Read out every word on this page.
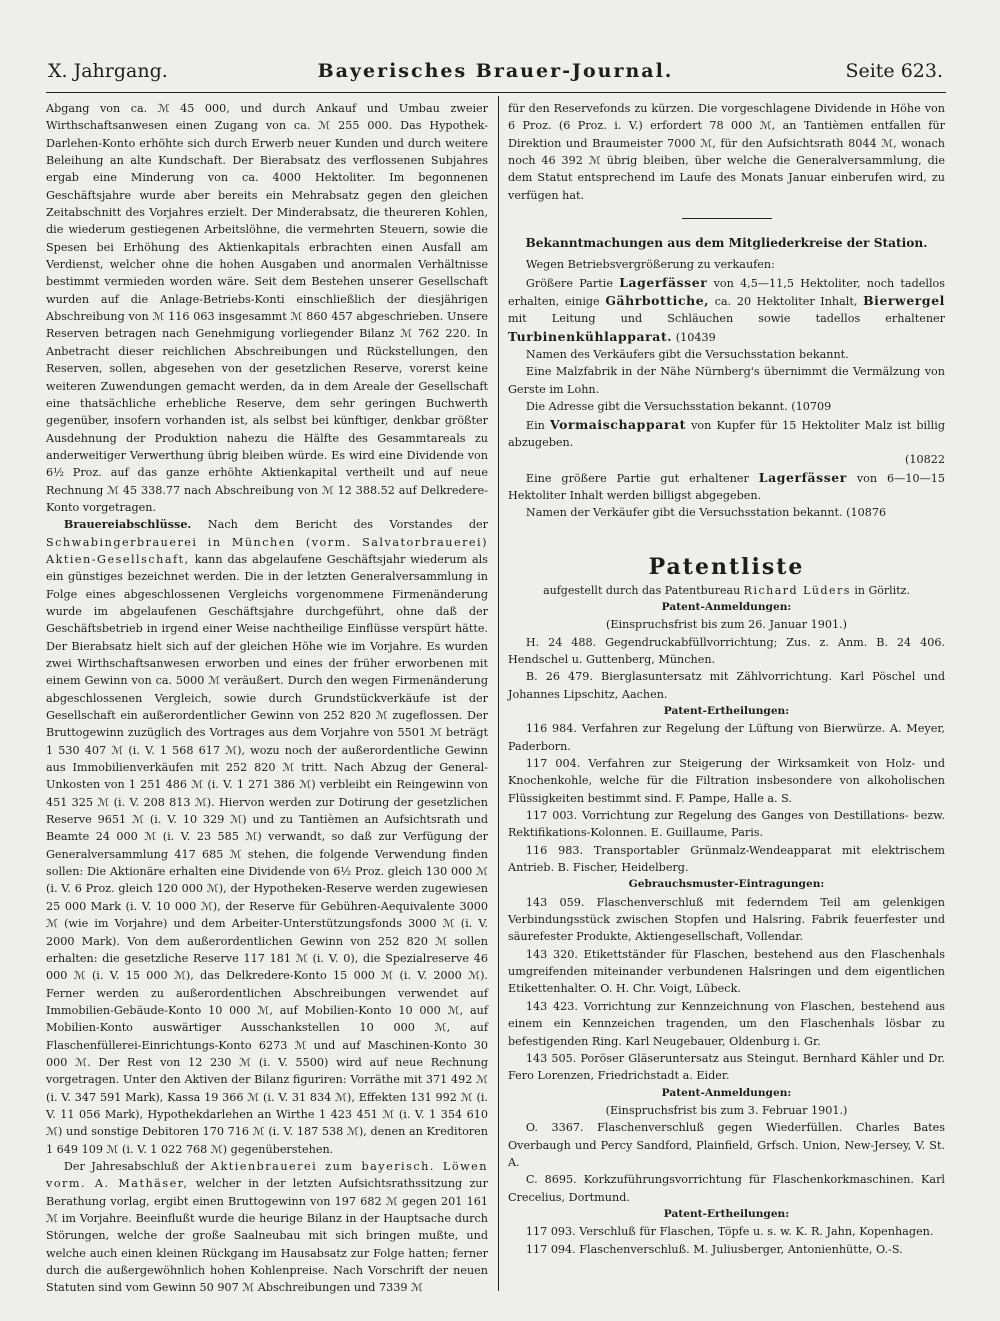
Bayerisches Brauer-Journal.
X. Jahrgang.	Seite 623.

Abgang von ca. ℳ 45 000, und durch Ankauf und Umbau zweier Wirthschaftsanwesen einen Zugang von ca. ℳ 255 000. Das Hypothek-Darlehen-Konto erhöhte sich durch Erwerb neuer Kunden und durch weitere Beleihung an alte Kundschaft. Der Bierabsatz des verflossenen Subjahres ergab eine Minderung von ca. 4000 Hektoliter. Im begonnenen Geschäftsjahre wurde aber bereits ein Mehrabsatz gegen den gleichen Zeitabschnitt des Vorjahres erzielt. Der Minderabsatz, die theureren Kohlen, die wiederum gestiegenen Arbeitslöhne, die vermehrten Steuern, sowie die Spesen bei Erhöhung des Aktienkapitals erbrachten einen Ausfall am Verdienst, welcher ohne die hohen Ausgaben und anormalen Verhältnisse bestimmt vermieden worden wäre. Seit dem Bestehen unserer Gesellschaft wurden auf die Anlage-Betriebs-Konti einschließlich der diesjährigen Abschreibung von ℳ 116 063 insgesammt ℳ 860 457 abgeschrieben. Unsere Reserven betragen nach Genehmigung vorliegender Bilanz ℳ 762 220. In Anbetracht dieser reichlichen Abschreibungen und Rückstellungen, den Reserven, sollen, abgesehen von der gesetzlichen Reserve, vorerst keine weiteren Zuwendungen gemacht werden, da in dem Areale der Gesellschaft eine thatsächliche erhebliche Reserve, dem sehr geringen Buchwerth gegenüber, insofern vorhanden ist, als selbst bei künftiger, denkbar größter Ausdehnung der Produktion nahezu die Hälfte des Gesammtareals zu anderweitiger Verwerthung übrig bleiben würde. Es wird eine Dividende von 6½ Proz. auf das ganze erhöhte Aktienkapital vertheilt und auf neue Rechnung ℳ 45 338.77 nach Abschreibung von ℳ 12 388.52 auf Delkredere-Konto vorgetragen.

Brauereiabschlüsse. Nach dem Bericht des Vorstandes der Schwabingerbrauerei in München (vorm. Salvatorbrauerei) Aktien-Gesellschaft, kann das abgelaufene Geschäftsjahr wiederum als ein günstiges bezeichnet werden. Die in der letzten Generalversammlung in Folge eines abgeschlossenen Vergleichs vorgenommene Firmenänderung wurde im abgelaufenen Geschäftsjahre durchgeführt, ohne daß der Geschäftsbetrieb in irgend einer Weise nachtheilige Einflüsse verspürt hätte. Der Bierabsatz hielt sich auf der gleichen Höhe wie im Vorjahre. Es wurden zwei Wirthschaftsanwesen erworben und eines der früher erworbenen mit einem Gewinn von ca. 5000 ℳ veräußert. Durch den wegen Firmenänderung abgeschlossenen Vergleich, sowie durch Grundstückverkäufe ist der Gesellschaft ein außerordentlicher Gewinn von 252 820 ℳ zugeflossen. Der Bruttogewinn zuzüglich des Vortrages aus dem Vorjahre von 5501 ℳ beträgt 1 530 407 ℳ (i. V. 1 568 617 ℳ), wozu noch der außerordentliche Gewinn aus Immobilienverkäufen mit 252 820 ℳ tritt. Nach Abzug der General-Unkosten von 1 251 486 ℳ (i. V. 1 271 386 ℳ) verbleibt ein Reingewinn von 451 325 ℳ (i. V. 208 813 ℳ). Hiervon werden zur Dotirung der gesetzlichen Reserve 9651 ℳ (i. V. 10 329 ℳ) und zu Tantièmen an Aufsichtsrath und Beamte 24 000 ℳ (i. V. 23 585 ℳ) verwandt, so daß zur Verfügung der Generalversammlung 417 685 ℳ stehen, die folgende Verwendung finden sollen: Die Aktionäre erhalten eine Dividende von 6½ Proz. gleich 130 000 ℳ (i. V. 6 Proz. gleich 120 000 ℳ), der Hypotheken-Reserve werden zugewiesen 25 000 Mark (i. V. 10 000 ℳ), der Reserve für Gebühren-Aequivalente 3000 ℳ (wie im Vorjahre) und dem Arbeiter-Unterstützungsfonds 3000 ℳ (i. V. 2000 Mark). Von dem außerordentlichen Gewinn von 252 820 ℳ sollen erhalten: die gesetzliche Reserve 117 181 ℳ (i. V. 0), die Spezialreserve 46 000 ℳ (i. V. 15 000 ℳ), das Delkredere-Konto 15 000 ℳ (i. V. 2000 ℳ). Ferner werden zu außerordentlichen Abschreibungen verwendet auf Immobilien-Gebäude-Konto 10 000 ℳ, auf Mobilien-Konto 10 000 ℳ, auf Mobilien-Konto auswärtiger Ausschankstellen 10 000 ℳ, auf Flaschenfüllerei-Einrichtungs-Konto 6273 ℳ und auf Maschinen-Konto 30 000 ℳ. Der Rest von 12 230 ℳ (i. V. 5500) wird auf neue Rechnung vorgetragen. Unter den Aktiven der Bilanz figuriren: Vorräthe mit 371 492 ℳ (i. V. 347 591 Mark), Kassa 19 366 ℳ (i. V. 31 834 ℳ), Effekten 131 992 ℳ (i. V. 11 056 Mark), Hypothekdarlehen an Wirthe 1 423 451 ℳ (i. V. 1 354 610 ℳ) und sonstige Debitoren 170 716 ℳ (i. V. 187 538 ℳ), denen an Kreditoren 1 649 109 ℳ (i. V. 1 022 768 ℳ) gegenüberstehen.

Der Jahresabschluß der Aktienbrauerei zum bayerisch. Löwen vorm. A. Mathäser, welcher in der letzten Aufsichtsrathssitzung zur Berathung vorlag, ergibt einen Bruttogewinn von 197 682 ℳ gegen 201 161 ℳ im Vorjahre. Beeinflußt wurde die heurige Bilanz in der Hauptsache durch Störungen, welche der große Saalneubau mit sich bringen mußte, und welche auch einen kleinen Rückgang im Hausabsatz zur Folge hatten; ferner durch die außergewöhnlich hohen Kohlenpreise. Nach Vorschrift der neuen Statuten sind vom Gewinn 50 907 ℳ Abschreibungen und 7339 ℳ

für den Reservefonds zu kürzen. Die vorgeschlagene Dividende in Höhe von 6 Proz. (6 Proz. i. V.) erfordert 78 000 ℳ, an Tantièmen entfallen für Direktion und Braumeister 7000 ℳ, für den Aufsichtsrath 8044 ℳ, wonach noch 46 392 ℳ übrig bleiben, über welche die Generalversammlung, die dem Statut entsprechend im Laufe des Monats Januar einberufen wird, zu verfügen hat.

Bekanntmachungen aus dem Mitgliederkreise der Station.

Wegen Betriebsvergrößerung zu verkaufen:

Größere Partie Lagerfässer von 4,5—11,5 Hektoliter, noch tadellos erhalten, einige Gährbottiche, ca. 20 Hektoliter Inhalt, Bierwergel mit Leitung und Schläuchen sowie tadellos erhaltener Turbinenkühlapparat. (10439

Namen des Verkäufers gibt die Versuchsstation bekannt.

Eine Malzfabrik in der Nähe Nürnberg's übernimmt die Vermälzung von Gerste im Lohn.

Die Adresse gibt die Versuchsstation bekannt. (10709

Ein Vormaischapparat von Kupfer für 15 Hektoliter Malz ist billig abzugeben.

(10822

Eine größere Partie gut erhaltener Lagerfässer von 6—10—15 Hektoliter Inhalt werden billigst abgegeben.

Namen der Verkäufer gibt die Versuchsstation bekannt. (10876

Patentliste

aufgestellt durch das Patentbureau Richard Lüders in Görlitz.

Patent-Anmeldungen:

(Einspruchsfrist bis zum 26. Januar 1901.)

H. 24 488. Gegendruckabfüllvorrichtung; Zus. z. Anm. B. 24 406. Hendschel u. Guttenberg, München.

B. 26 479. Bierglasuntersatz mit Zählvorrichtung. Karl Pöschel und Johannes Lipschitz, Aachen.

Patent-Ertheilungen:

116 984. Verfahren zur Regelung der Lüftung von Bierwürze. A. Meyer, Paderborn.

117 004. Verfahren zur Steigerung der Wirksamkeit von Holz- und Knochenkohle, welche für die Filtration insbesondere von alkoholischen Flüssigkeiten bestimmt sind. F. Pampe, Halle a. S.

117 003. Vorrichtung zur Regelung des Ganges von Destillations- bezw. Rektifikations-Kolonnen. E. Guillaume, Paris.

116 983. Transportabler Grünmalz-Wendeapparat mit elektrischem Antrieb. B. Fischer, Heidelberg.

Gebrauchsmuster-Eintragungen:

143 059. Flaschenverschluß mit federndem Teil am gelenkigen Verbindungsstück zwischen Stopfen und Halsring. Fabrik feuerfester und säurefester Produkte, Aktiengesellschaft, Vollendar.

143 320. Etikettständer für Flaschen, bestehend aus den Flaschenhals umgreifenden miteinander verbundenen Halsringen und dem eigentlichen Etikettenhalter. O. H. Chr. Voigt, Lübeck.

143 423. Vorrichtung zur Kennzeichnung von Flaschen, bestehend aus einem ein Kennzeichen tragenden, um den Flaschenhals lösbar zu befestigenden Ring. Karl Neugebauer, Oldenburg i. Gr.

143 505. Poröser Gläseruntersatz aus Steingut. Bernhard Kähler und Dr. Fero Lorenzen, Friedrichstadt a. Eider.

Patent-Anmeldungen:

(Einspruchsfrist bis zum 3. Februar 1901.)

O. 3367. Flaschenverschluß gegen Wiederfüllen. Charles Bates Overbaugh und Percy Sandford, Plainfield, Grfsch. Union, New-Jersey, V. St. A.

C. 8695. Korkzuführungsvorrichtung für Flaschenkorkmaschinen. Karl Crecelius, Dortmund.

Patent-Ertheilungen:

117 093. Verschluß für Flaschen, Töpfe u. s. w. K. R. Jahn, Kopenhagen.

117 094. Flaschenverschluß. M. Juliusberger, Antonienhütte, O.-S.
